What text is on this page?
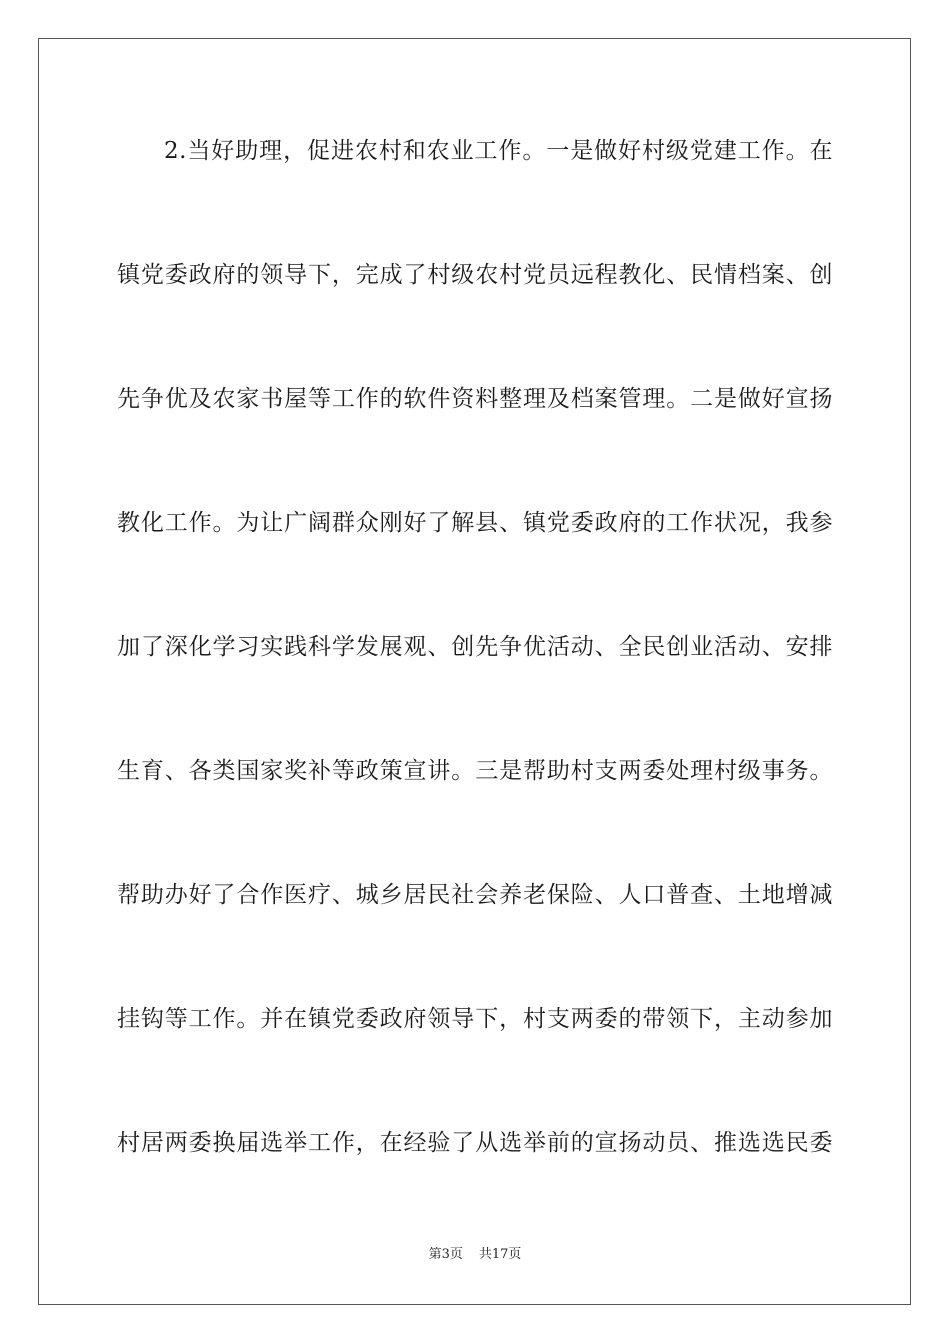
2.当好助理，促进农村和农业工作。一是做好村级党建工作。在
镇党委政府的领导下，完成了村级农村党员远程教化、民情档案、创
先争优及农家书屋等工作的软件资料整理及档案管理。二是做好宣扬
教化工作。为让广阔群众刚好了解县、镇党委政府的工作状况，我参
加了深化学习实践科学发展观、创先争优活动、全民创业活动、安排
生育、各类国家奖补等政策宣讲。三是帮助村支两委处理村级事务。
帮助办好了合作医疗、城乡居民社会养老保险、人口普查、土地增减
挂钩等工作。并在镇党委政府领导下，村支两委的带领下，主动参加
村居两委换届选举工作，在经验了从选举前的宣扬动员、推选选民委
第3页 共17页
